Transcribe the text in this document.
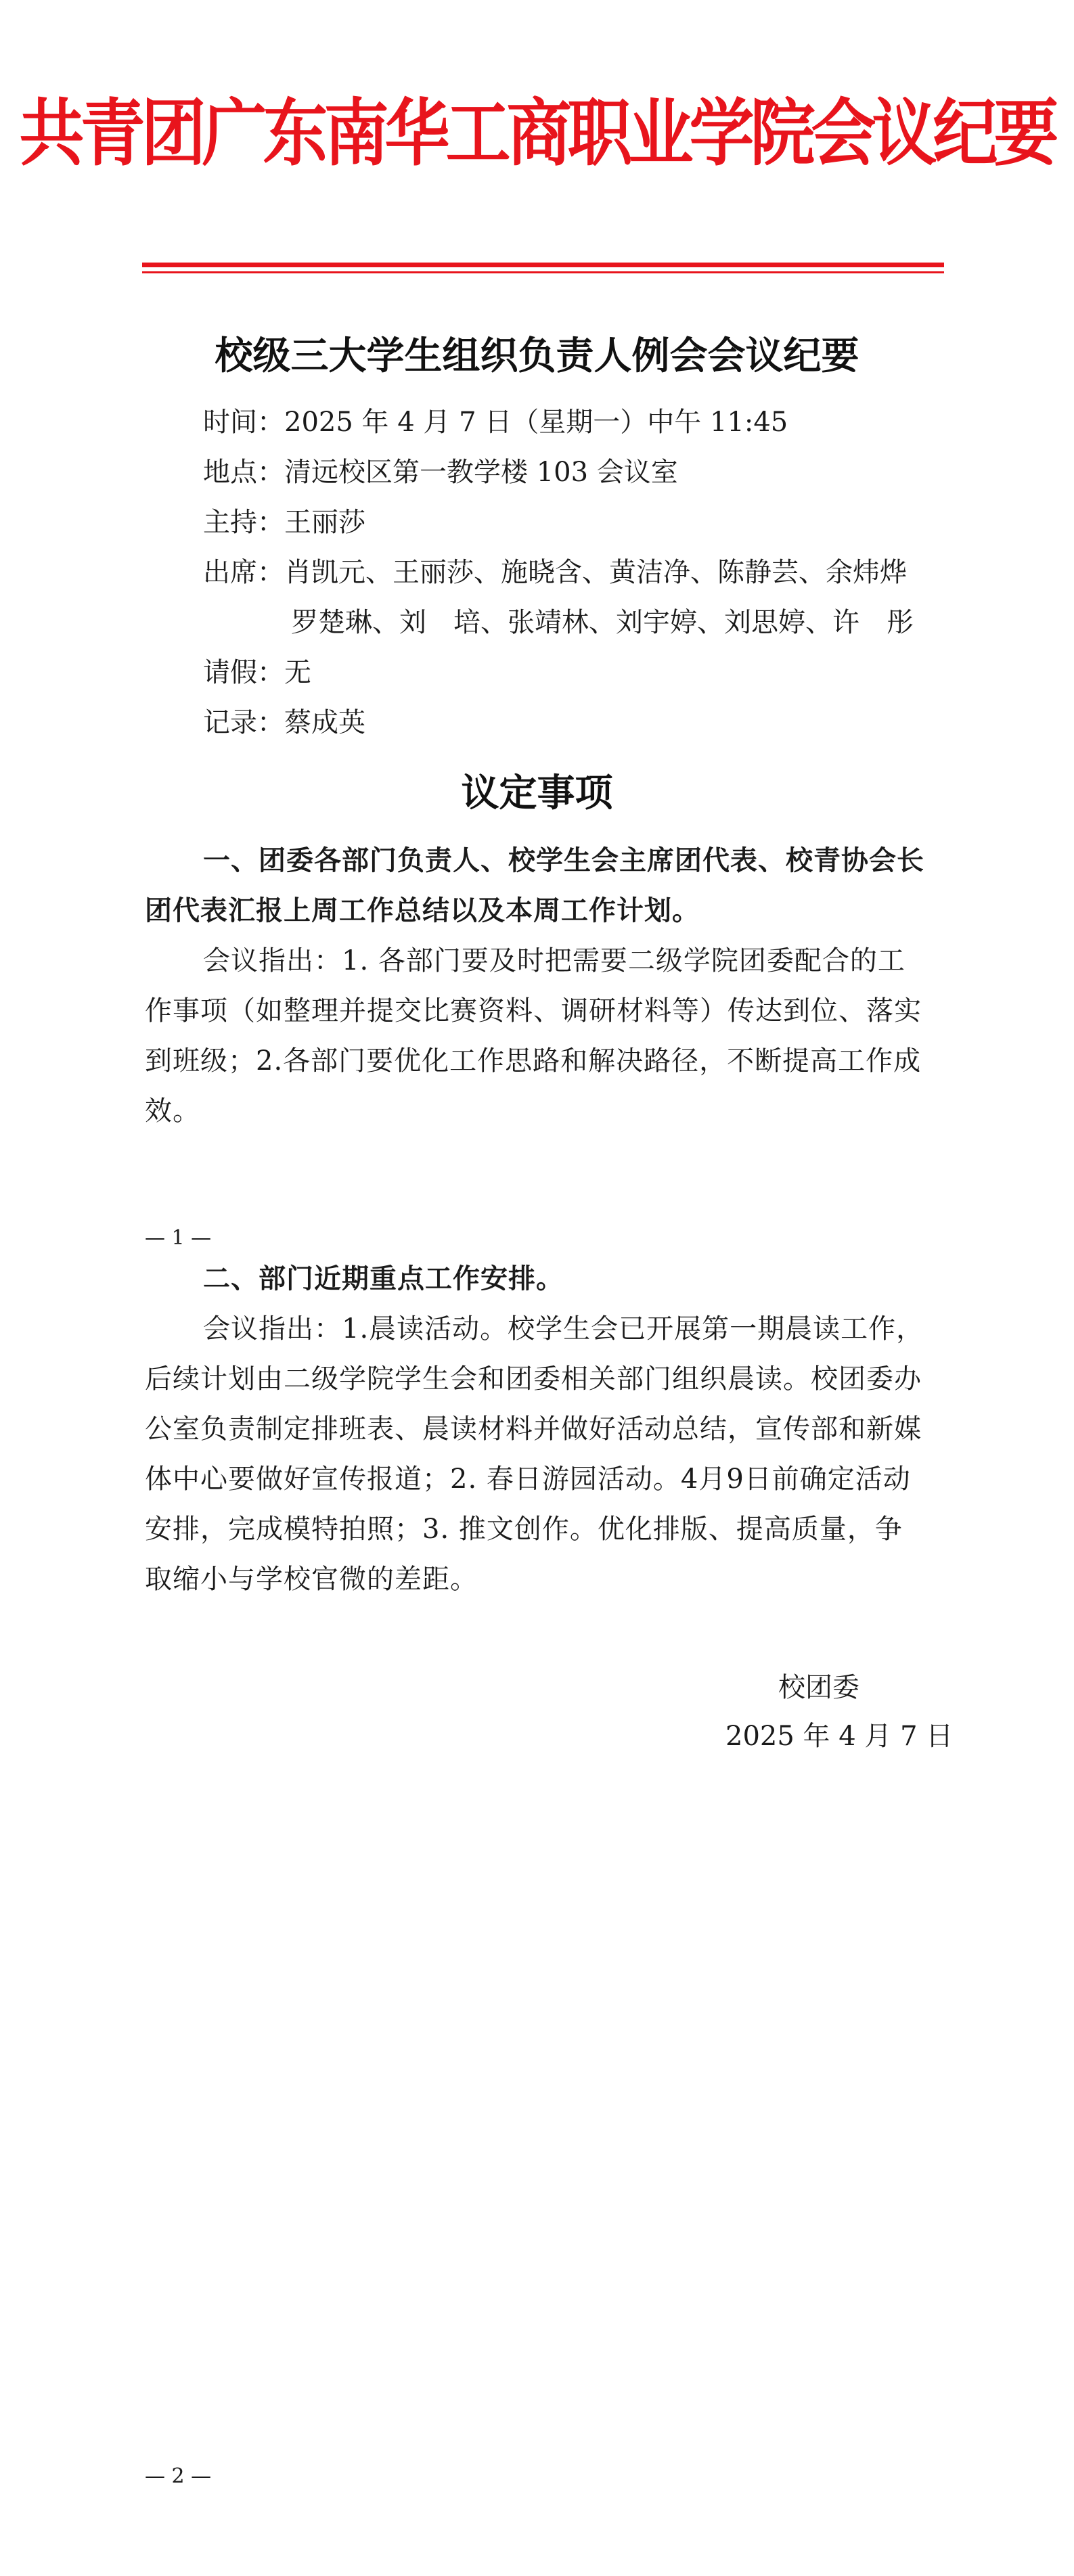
共青团广东南华工商职业学院会议纪要
校级三大学生组织负责人例会会议纪要
时间：2025 年 4 月 7 日（星期一）中午 11:45
地点：清远校区第一教学楼 103 会议室
主持：王丽莎
出席：肖凯元、王丽莎、施晓含、黄洁净、陈静芸、余炜烨
罗楚琳、刘　培、张靖林、刘宇婷、刘思婷、许　彤
请假：无
记录：蔡成英
议定事项
一、团委各部门负责人、校学生会主席团代表、校青协会长
团代表汇报上周工作总结以及本周工作计划。
会议指出：1. 各部门要及时把需要二级学院团委配合的工
作事项（如整理并提交比赛资料、调研材料等）传达到位、落实
到班级；2.各部门要优化工作思路和解决路径，不断提高工作成
效。
— 1 —
二、部门近期重点工作安排。
会议指出：1.晨读活动。校学生会已开展第一期晨读工作，
后续计划由二级学院学生会和团委相关部门组织晨读。校团委办
公室负责制定排班表、晨读材料并做好活动总结，宣传部和新媒
体中心要做好宣传报道；2. 春日游园活动。4月9日前确定活动
安排，完成模特拍照；3. 推文创作。优化排版、提高质量，争
取缩小与学校官微的差距。
校团委
2025 年 4 月 7 日
— 2 —
